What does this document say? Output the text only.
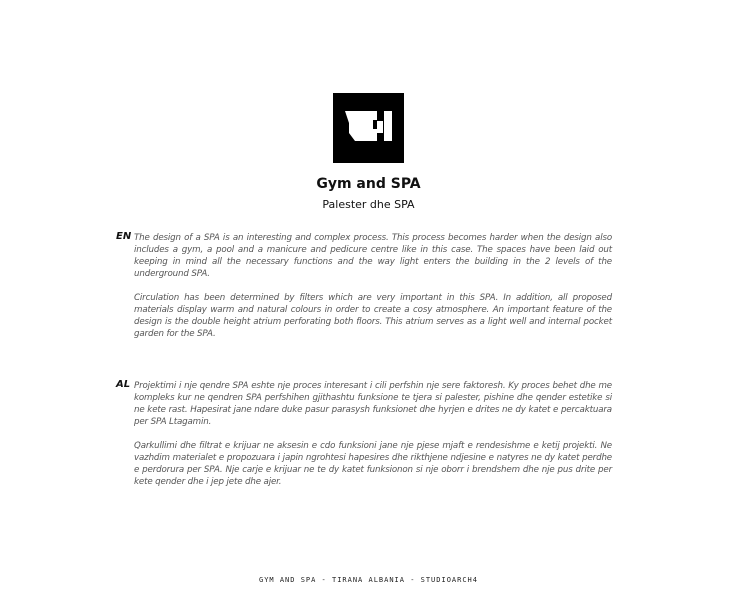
Gym and SPA
Palester dhe SPA
EN The design of a SPA is an interesting and complex process. This process becomes harder when the design also includes a gym, a pool and a manicure and pedicure centre like in this case. The spaces have been laid out keeping in mind all the necessary functions and the way light enters the building in the 2 levels of the underground SPA.

Circulation has been determined by filters which are very important in this SPA. In addition, all proposed materials display warm and natural colours in order to create a cosy atmosphere. An important feature of the design is the double height atrium perforating both floors. This atrium serves as a light well and internal pocket garden for the SPA.

AL Projektimi i nje qendre SPA eshte nje proces interesant i cili perfshin nje sere faktoresh. Ky proces behet dhe me kompleks kur ne qendren SPA perfshihen gjithashtu funksione te tjera si palester, pishine dhe qender estetike si ne kete rast. Hapesirat jane ndare duke pasur parasysh funksionet dhe hyrjen e drites ne dy katet e percaktuara per SPA Ltagamin.

Qarkullimi dhe filtrat e krijuar ne aksesin e cdo funksioni jane nje pjese mjaft e rendesishme e ketij projekti. Ne vazhdim materialet e propozuara i japin ngrohtesi hapesires dhe rikthjene ndjesine e natyres ne dy katet perdhe e perdorura per SPA. Nje carje e krijuar ne te dy katet funksionon si nje oborr i brendshem dhe nje pus drite per kete qender dhe i jep jete dhe ajer.

GYM AND SPA - TIRANA ALBANIA - STUDIOARCH4
